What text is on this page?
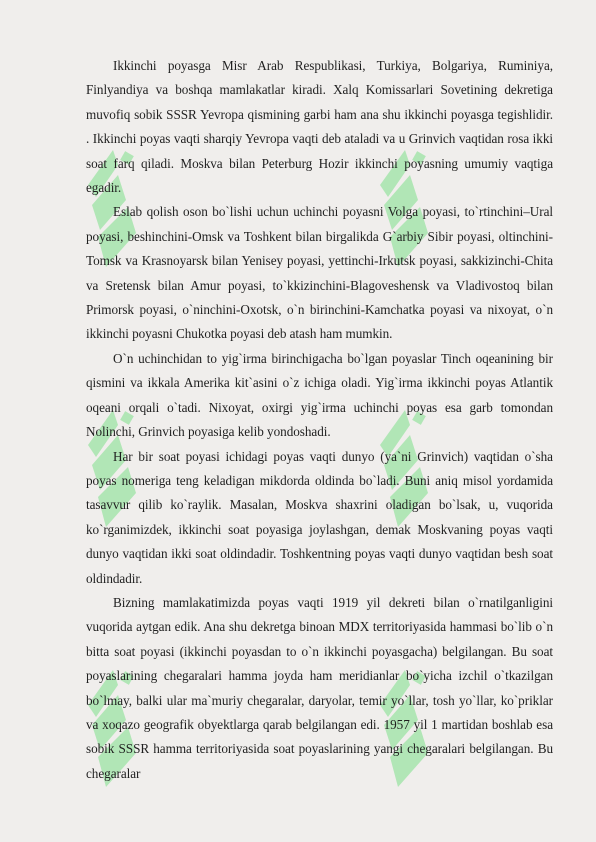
Ikkinchi poyasga Misr Arab Respublikasi, Turkiya, Bolgariya, Ruminiya, Finlyandiya va boshqa mamlakatlar kiradi. Xalq Komissarlari Sovetining dekretiga muvofiq sobik SSSR Yevropa qismining garbi ham ana shu ikkinchi poyasga tegishlidir. . Ikkinchi poyas vaqti sharqiy Yevropa vaqti deb ataladi va u Grinvich vaqtidan rosa ikki soat farq qiladi. Moskva bilan Peterburg Hozir ikkinchi poyasning umumiy vaqtiga egadir.

Eslab qolish oson bo`lishi uchun uchinchi poyasni Volga poyasi, to`rtinchini–Ural poyasi, beshinchini-Omsk va Toshkent bilan birgalikda G`arbiy Sibir poyasi, oltinchini-Tomsk va Krasnoyarsk bilan Yenisey poyasi, yettinchi-Irkutsk poyasi, sakkizinchi-Chita va Sretensk bilan Amur poyasi, to`kkizinchini-Blagoveshensk va Vladivostoq bilan Primorsk poyasi, o`ninchini-Oxotsk, o`n birinchini-Kamchatka poyasi va nixoyat, o`n ikkinchi poyasni Chukotka poyasi deb atash ham mumkin.

O`n uchinchidan to yig`irma birinchigacha bo`lgan poyaslar Tinch oqeanining bir qismini va ikkala Amerika kit`asini o`z ichiga oladi. Yig`irma ikkinchi poyas Atlantik oqeani orqali o`tadi. Nixoyat, oxirgi yig`irma uchinchi poyas esa garb tomondan Nolinchi, Grinvich poyasiga kelib yondoshadi.

Har bir soat poyasi ichidagi poyas vaqti dunyo (ya`ni Grinvich) vaqtidan o`sha poyas nomeriga teng keladigan mikdorda oldinda bo`ladi. Buni aniq misol yordamida tasavvur qilib ko`raylik. Masalan, Moskva shaxrini oladigan bo`lsak, u, vuqorida ko`rganimizdek, ikkinchi soat poyasiga joylashgan, demak Moskvaning poyas vaqti dunyo vaqtidan ikki soat oldindadir. Toshkentning poyas vaqti dunyo vaqtidan besh soat oldindadir.

Bizning mamlakatimizda poyas vaqti 1919 yil dekreti bilan o`rnatilganligini vuqorida aytgan edik. Ana shu dekretga binoan MDX territoriyasida hammasi bo`lib o`n bitta soat poyasi (ikkinchi poyasdan to o`n ikkinchi poyasgacha) belgilangan. Bu soat poyaslarining chegaralari hamma joyda ham meridianlar bo`yicha izchil o`tkazilgan bo`lmay, balki ular ma`muriy chegaralar, daryolar, temir yo`llar, tosh yo`llar, ko`priklar va xoqazo geografik obyektlarga qarab belgilangan edi. 1957 yil 1 martidan boshlab esa sobik SSSR hamma territoriyasida soat poyaslarining yangi chegaralari belgilangan. Bu chegaralar
